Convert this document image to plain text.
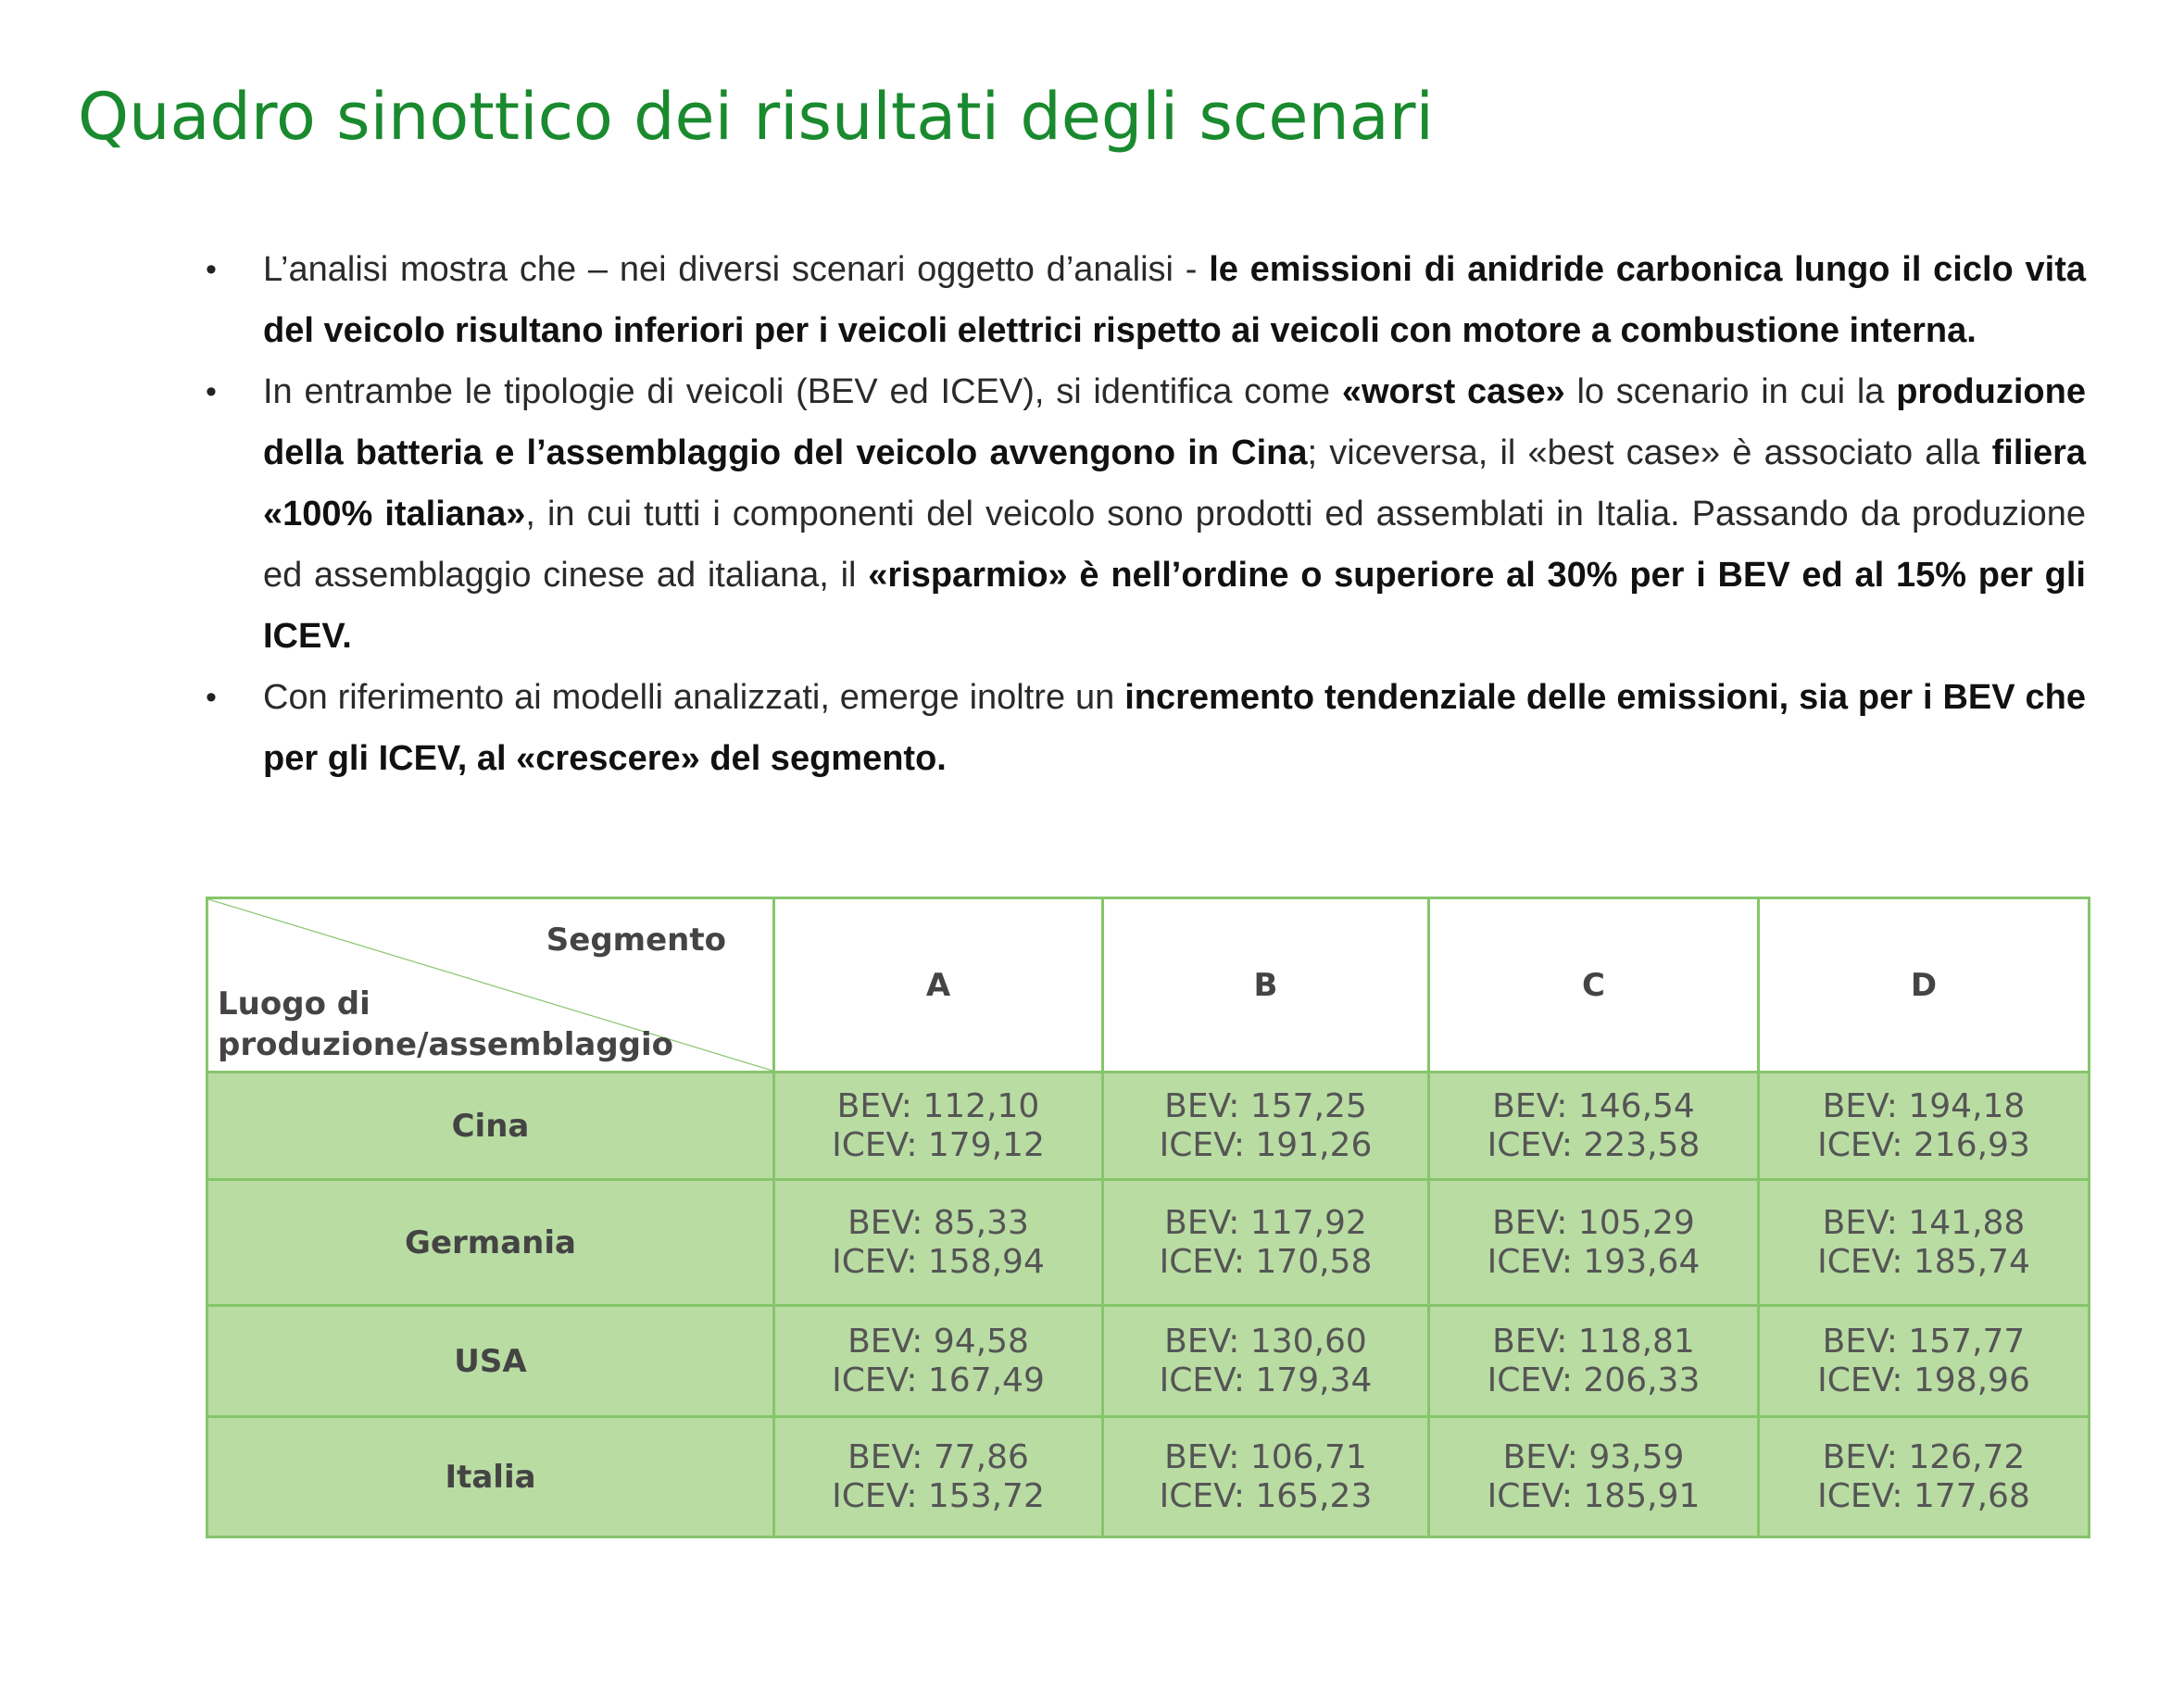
Quadro sinottico dei risultati degli scenari
• L’analisi mostra che – nei diversi scenari oggetto d’analisi - le emissioni di anidride carbonica lungo il ciclo vita del veicolo risultano inferiori per i veicoli elettrici rispetto ai veicoli con motore a combustione interna.
• In entrambe le tipologie di veicoli (BEV ed ICEV), si identifica come «worst case» lo scenario in cui la produzione della batteria e l’assemblaggio del veicolo avvengono in Cina; viceversa, il «best case» è associato alla filiera «100% italiana», in cui tutti i componenti del veicolo sono prodotti ed assemblati in Italia. Passando da produzione ed assemblaggio cinese ad italiana, il «risparmio» è nell’ordine o superiore al 30% per i BEV ed al 15% per gli ICEV.
• Con riferimento ai modelli analizzati, emerge inoltre un incremento tendenziale delle emissioni, sia per i BEV che per gli ICEV, al «crescere» del segmento.
Segmento
Luogo di
produzione/assemblaggio	A	B	C	D
Cina	BEV: 112,10
ICEV: 179,12	BEV: 157,25
ICEV: 191,26	BEV: 146,54
ICEV: 223,58	BEV: 194,18
ICEV: 216,93

Germania	BEV: 85,33
ICEV: 158,94	BEV: 117,92
ICEV: 170,58	BEV: 105,29
ICEV: 193,64	BEV: 141,88
ICEV: 185,74

USA	BEV: 94,58
ICEV: 167,49	BEV: 130,60
ICEV: 179,34	BEV: 118,81
ICEV: 206,33	BEV: 157,77
ICEV: 198,96

Italia	BEV: 77,86
ICEV: 153,72	BEV: 106,71
ICEV: 165,23	BEV: 93,59
ICEV: 185,91	BEV: 126,72
ICEV: 177,68
